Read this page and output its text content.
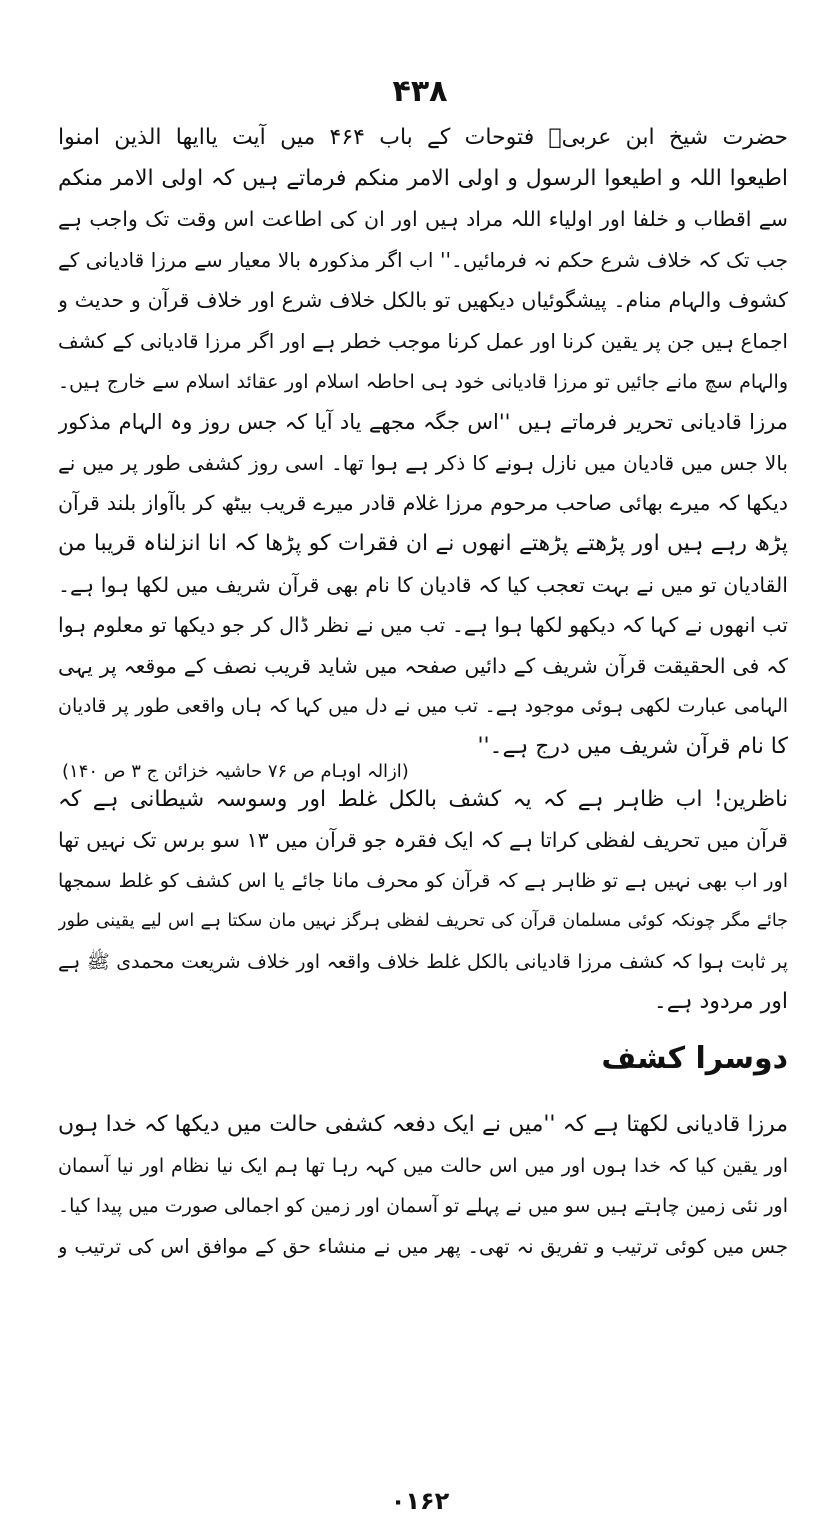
۴۳۸
حضرت شیخ ابن عربیؒ فتوحات کے باب ۴۶۴ میں آیت یاایھا الذین امنوا
اطیعوا اللہ و اطیعوا الرسول و اولی الامر منکم فرماتے ہیں کہ اولی الامر منکم
سے اقطاب و خلفا اور اولیاء اللہ مراد ہیں اور ان کی اطاعت اس وقت تک واجب ہے
جب تک کہ خلاف شرع حکم نہ فرمائیں۔'' اب اگر مذکورہ بالا معیار سے مرزا قادیانی کے
کشوف والہام منام۔ پیشگوئیاں دیکھیں تو بالکل خلاف شرع اور خلاف قرآن و حدیث و
اجماع ہیں جن پر یقین کرنا اور عمل کرنا موجب خطر ہے اور اگر مرزا قادیانی کے کشف
والہام سچ مانے جائیں تو مرزا قادیانی خود ہی احاطہ اسلام اور عقائد اسلام سے خارج ہیں۔
مرزا قادیانی تحریر فرماتے ہیں ''اس جگہ مجھے یاد آیا کہ جس روز وہ الہام مذکور
بالا جس میں قادیان میں نازل ہونے کا ذکر ہے ہوا تھا۔ اسی روز کشفی طور پر میں نے
دیکھا کہ میرے بھائی صاحب مرحوم مرزا غلام قادر میرے قریب بیٹھ کر باآواز بلند قرآن
پڑھ رہے ہیں اور پڑھتے پڑھتے انھوں نے ان فقرات کو پڑھا کہ انا انزلناہ قریبا من
القادیان تو میں نے بہت تعجب کیا کہ قادیان کا نام بھی قرآن شریف میں لکھا ہوا ہے۔
تب انھوں نے کہا کہ دیکھو لکھا ہوا ہے۔ تب میں نے نظر ڈال کر جو دیکھا تو معلوم ہوا
کہ فی الحقیقت قرآن شریف کے دائیں صفحہ میں شاید قریب نصف کے موقعہ پر یہی
الہامی عبارت لکھی ہوئی موجود ہے۔ تب میں نے دل میں کہا کہ ہاں واقعی طور پر قادیان
کا نام قرآن شریف میں درج ہے۔''
(ازالہ اوہام ص ۷۶ حاشیہ خزائن ج ۳ ص ۱۴۰)
ناظرین! اب ظاہر ہے کہ یہ کشف بالکل غلط اور وسوسہ شیطانی ہے کہ
قرآن میں تحریف لفظی کراتا ہے کہ ایک فقرہ جو قرآن میں ۱۳ سو برس تک نہیں تھا
اور اب بھی نہیں ہے تو ظاہر ہے کہ قرآن کو محرف مانا جائے یا اس کشف کو غلط سمجھا
جائے مگر چونکہ کوئی مسلمان قرآن کی تحریف لفظی ہرگز نہیں مان سکتا ہے اس لیے یقینی طور
پر ثابت ہوا کہ کشف مرزا قادیانی بالکل غلط خلاف واقعہ اور خلاف شریعت محمدی ﷺ ہے
اور مردود ہے۔
دوسرا کشف
مرزا قادیانی لکھتا ہے کہ ''میں نے ایک دفعہ کشفی حالت میں دیکھا کہ خدا ہوں
اور یقین کیا کہ خدا ہوں اور میں اس حالت میں کہہ رہا تھا ہم ایک نیا نظام اور نیا آسمان
اور نئی زمین چاہتے ہیں سو میں نے پہلے تو آسمان اور زمین کو اجمالی صورت میں پیدا کیا۔
جس میں کوئی ترتیب و تفریق نہ تھی۔ پھر میں نے منشاء حق کے موافق اس کی ترتیب و
۰۱۶۲
